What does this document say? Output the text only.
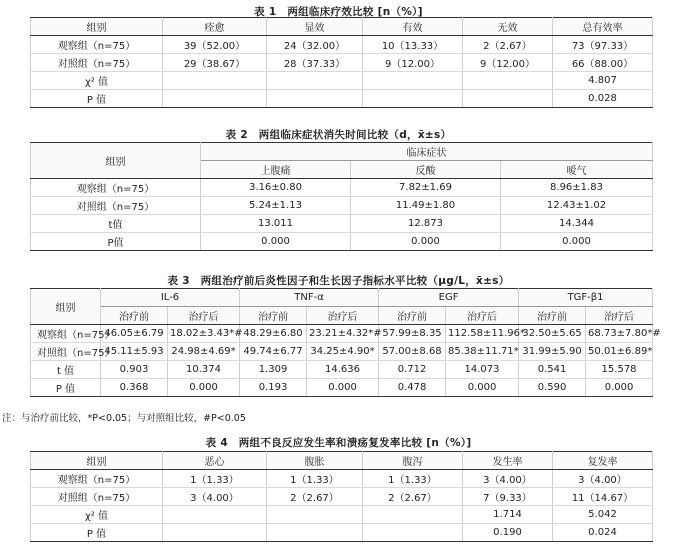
表 1　两组临床疗效比较 [n（%）]
组别	痊愈	显效	有效	无效	总有效率
观察组（n=75）	39（52.00）	24（32.00）	10（13.33）	2（2.67）	73（97.33）
对照组（n=75）	29（38.67）	28（37.33）	9（12.00）	9（12.00）	66（88.00）
χ² 值					4.807
P 值					0.028
表 2　两组临床症状消失时间比较（d，x̄±s）
组别	临床症状		
	上腹痛	反酸	嗳气
观察组（n=75）	3.16±0.80	7.82±1.69	8.96±1.83
对照组（n=75）	5.24±1.13	11.49±1.80	12.43±1.02
t值	13.011	12.873	14.344
P值	0.000	0.000	0.000
表 3　两组治疗前后炎性因子和生长因子指标水平比较（μg/L，x̄±s）
组别	IL-6		TNF-α		EGF		TGF-β1	
	治疗前	治疗后	治疗前	治疗后	治疗前	治疗后	治疗前	治疗后
观察组（n=75）	46.05±6.79	18.02±3.43*#	48.29±6.80	23.21±4.32*#	57.99±8.35	112.58±11.96*	32.50±5.65	68.73±7.80*#
对照组（n=75）	45.11±5.93	24.98±4.69*	49.74±6.77	34.25±4.90*	57.00±8.68	85.38±11.71*	31.99±5.90	50.01±6.89*
t 值	0.903	10.374	1.309	14.636	0.712	14.073	0.541	15.578
P 值	0.368	0.000	0.193	0.000	0.478	0.000	0.590	0.000
注：与治疗前比较，*P<0.05；与对照组比较，#P<0.05
表 4　两组不良反应发生率和溃疡复发率比较 [n（%）]
组别	恶心	腹胀	腹泻	发生率	复发率
观察组（n=75）	1（1.33）	1（1.33）	1（1.33）	3（4.00）	3（4.00）
对照组（n=75）	3（4.00）	2（2.67）	2（2.67）	7（9.33）	11（14.67）
χ² 值				1.714	5.042
P 值				0.190	0.024
